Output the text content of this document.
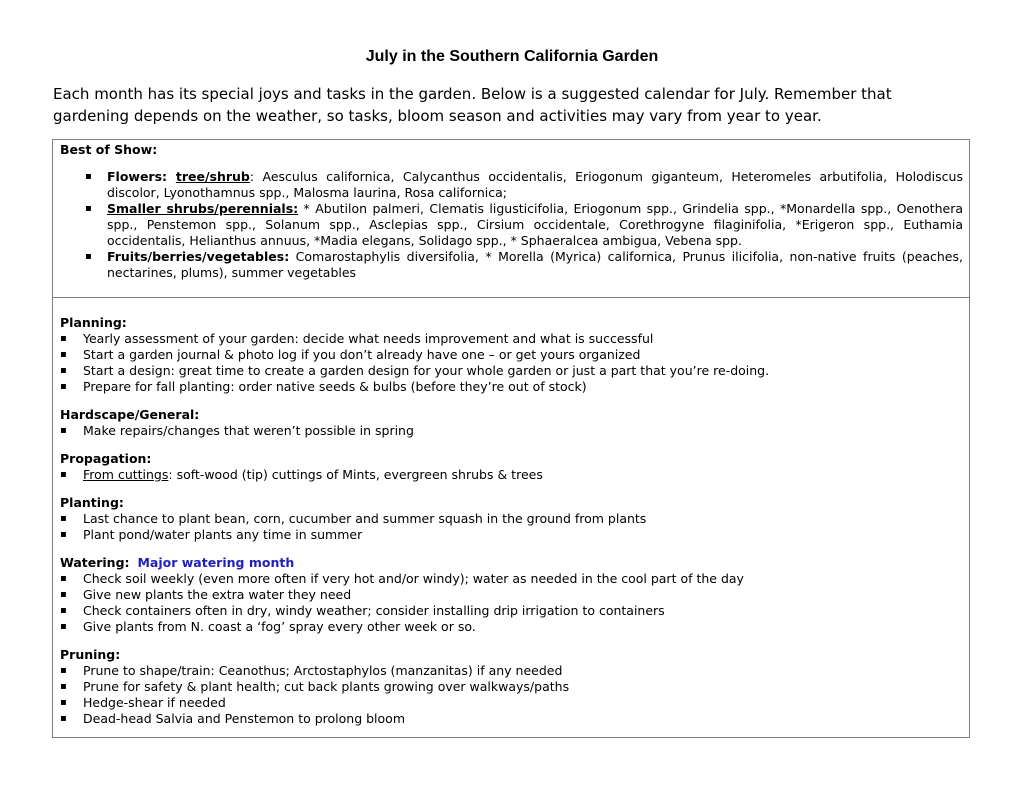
July in the Southern California Garden

Each month has its special joys and tasks in the garden. Below is a suggested calendar for July. Remember that

gardening depends on the weather, so tasks, bloom season and activities may vary from year to year.

Best of Show:
▪ Flowers: tree/shrub: Aesculus californica, Calycanthus occidentalis, Eriogonum giganteum, Heteromeles arbutifolia, Holodiscus discolor, Lyonothamnus spp., Malosma laurina, Rosa californica;
▪ Smaller shrubs/perennials: * Abutilon palmeri, Clematis ligusticifolia, Eriogonum spp., Grindelia spp., *Monardella spp., Oenothera spp., Penstemon spp., Solanum spp., Asclepias spp., Cirsium occidentale, Corethrogyne filaginifolia, *Erigeron spp., Euthamia occidentalis, Helianthus annuus, *Madia elegans, Solidago spp., * Sphaeralcea ambigua, Vebena spp.
▪ Fruits/berries/vegetables: Comarostaphylis diversifolia, * Morella (Myrica) californica, Prunus ilicifolia, non-native fruits (peaches, nectarines, plums), summer vegetables
Planning:
▪ Yearly assessment of your garden: decide what needs improvement and what is successful
▪ Start a garden journal & photo log if you don’t already have one – or get yours organized
▪ Start a design: great time to create a garden design for your whole garden or just a part that you’re re-doing.
▪ Prepare for fall planting: order native seeds & bulbs (before they’re out of stock)
Hardscape/General:
▪ Make repairs/changes that weren’t possible in spring
Propagation:
▪ From cuttings: soft-wood (tip) cuttings of Mints, evergreen shrubs & trees
Planting:
▪ Last chance to plant bean, corn, cucumber and summer squash in the ground from plants
▪ Plant pond/water plants any time in summer
Watering: Major watering month
▪ Check soil weekly (even more often if very hot and/or windy); water as needed in the cool part of the day
▪ Give new plants the extra water they need
▪ Check containers often in dry, windy weather; consider installing drip irrigation to containers
▪ Give plants from N. coast a ‘fog’ spray every other week or so.
Pruning:
▪ Prune to shape/train: Ceanothus; Arctostaphylos (manzanitas) if any needed
▪ Prune for safety & plant health; cut back plants growing over walkways/paths
▪ Hedge-shear if needed
▪ Dead-head Salvia and Penstemon to prolong bloom
